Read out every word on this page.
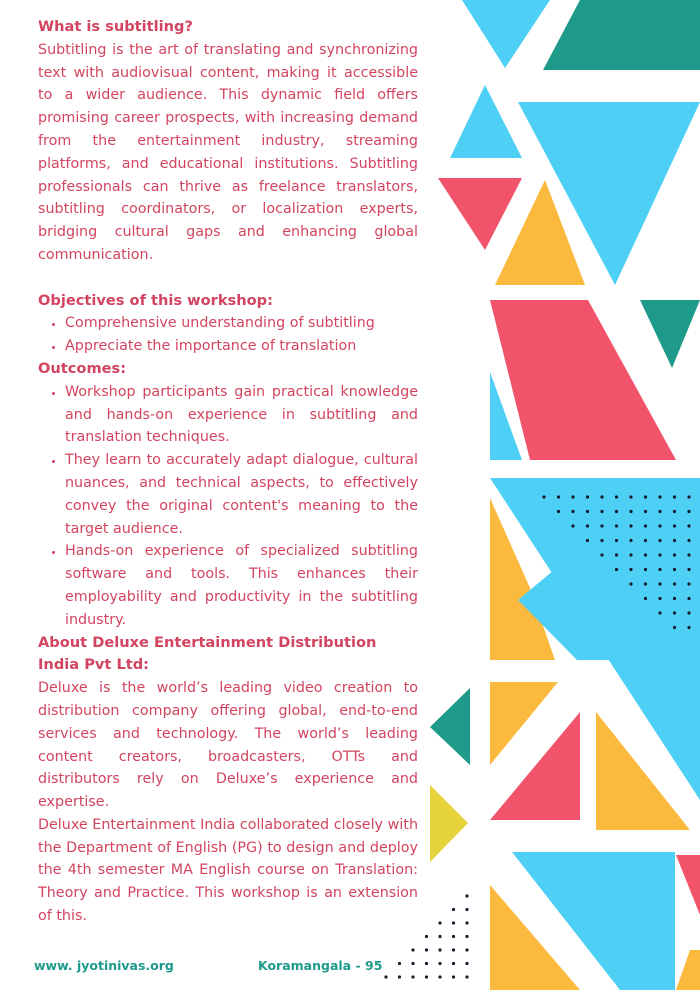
What is subtitling?

Subtitling is the art of translating and synchronizing text with audiovisual content, making it accessible to a wider audience. This dynamic field offers promising career prospects, with increasing demand from the entertainment industry, streaming platforms, and educational institutions. Subtitling professionals can thrive as freelance translators, subtitling coordinators, or localization experts, bridging cultural gaps and enhancing global communication.

Objectives of this workshop:
• Comprehensive understanding of subtitling
• Appreciate the importance of translation
Outcomes:
• Workshop participants gain practical knowledge and hands-on experience in subtitling and translation techniques.
• They learn to accurately adapt dialogue, cultural nuances, and technical aspects, to effectively convey the original content's meaning to the target audience.
• Hands-on experience of specialized subtitling software and tools. This enhances their employability and productivity in the subtitling industry.
About Deluxe Entertainment Distribution India Pvt Ltd:

Deluxe is the world’s leading video creation to distribution company offering global, end-to-end services and technology. The world’s leading content creators, broadcasters, OTTs and distributors rely on Deluxe’s experience and expertise.

Deluxe Entertainment India collaborated closely with the Department of English (PG) to design and deploy the 4th semester MA English course on Translation: Theory and Practice. This workshop is an extension of this.

www. jyotinivas.org	Koramangala - 95
